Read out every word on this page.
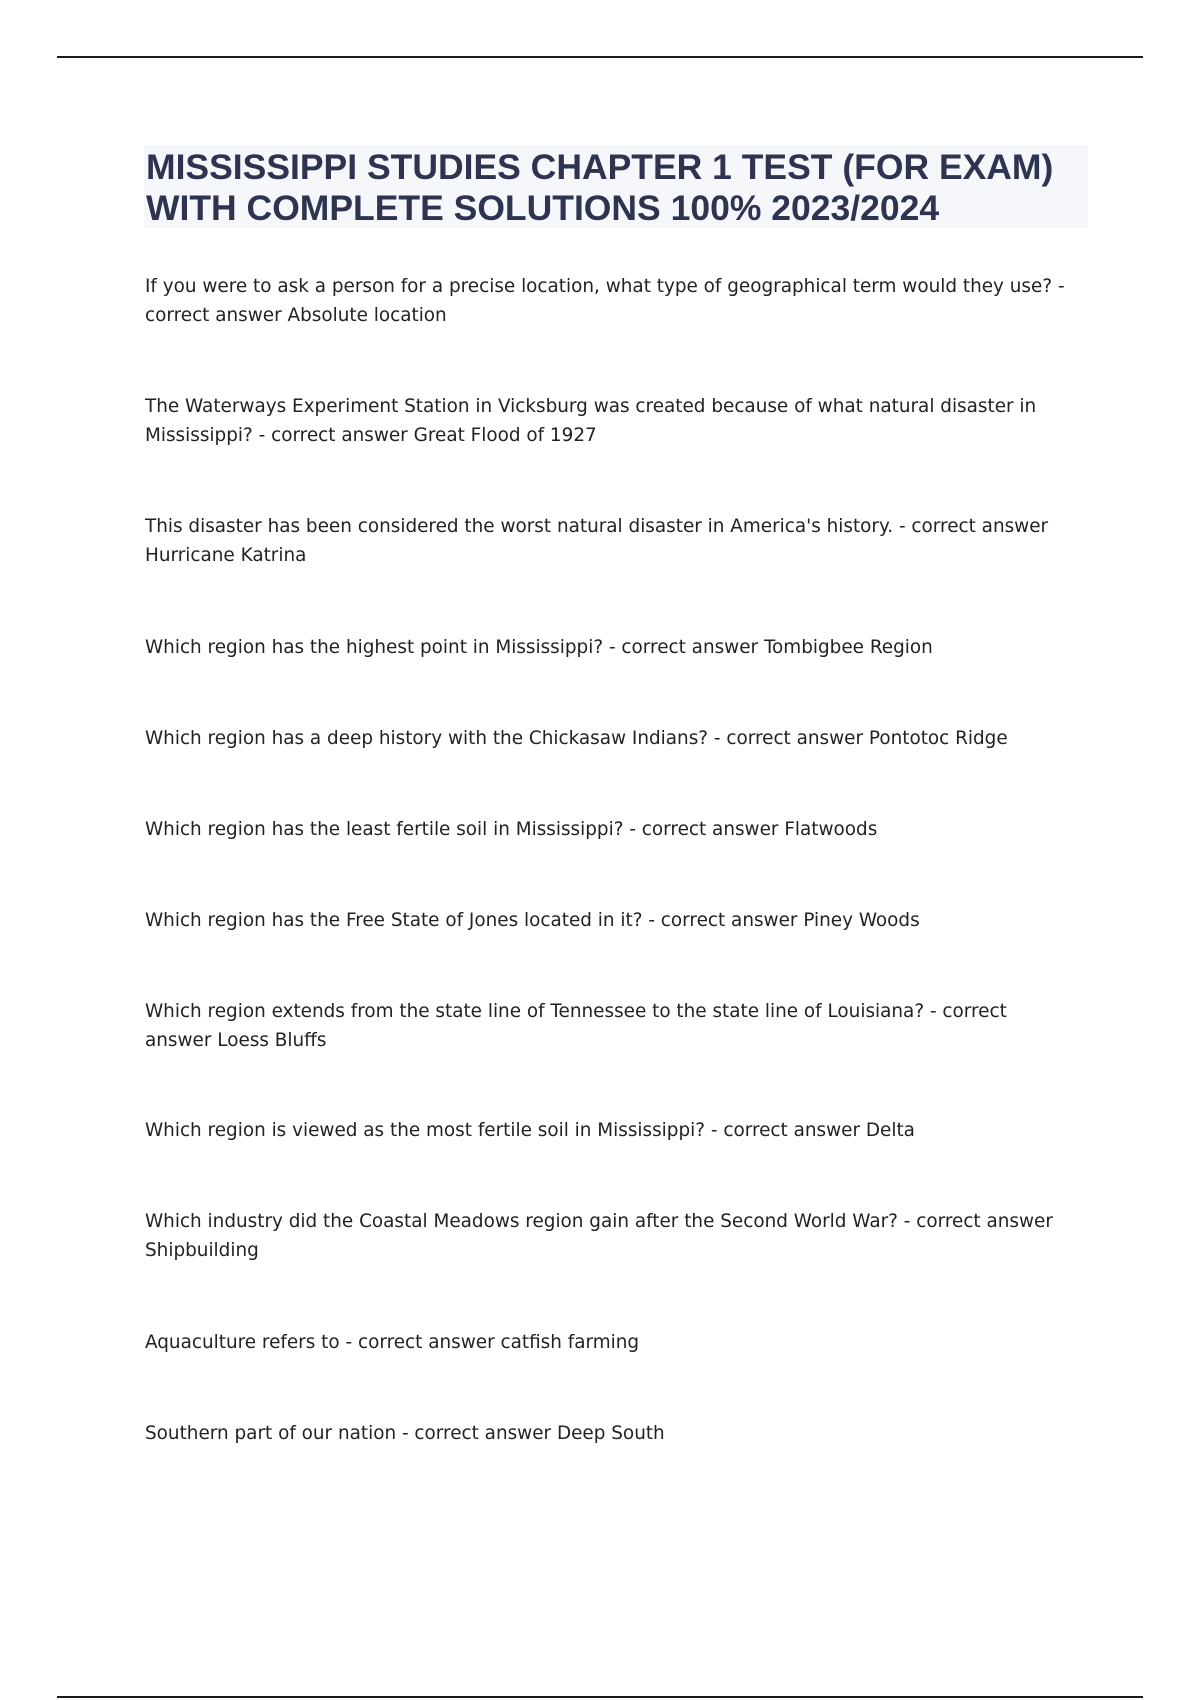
MISSISSIPPI STUDIES CHAPTER 1 TEST (FOR EXAM)
WITH COMPLETE SOLUTIONS 100% 2023/2024
If you were to ask a person for a precise location, what type of geographical term would they use? - correct answer Absolute location
The Waterways Experiment Station in Vicksburg was created because of what natural disaster in Mississippi? - correct answer Great Flood of 1927
This disaster has been considered the worst natural disaster in America's history. - correct answer Hurricane Katrina
Which region has the highest point in Mississippi? - correct answer Tombigbee Region
Which region has a deep history with the Chickasaw Indians? - correct answer Pontotoc Ridge
Which region has the least fertile soil in Mississippi? - correct answer Flatwoods
Which region has the Free State of Jones located in it? - correct answer Piney Woods
Which region extends from the state line of Tennessee to the state line of Louisiana? - correct answer Loess Bluffs
Which region is viewed as the most fertile soil in Mississippi? - correct answer Delta
Which industry did the Coastal Meadows region gain after the Second World War? - correct answer Shipbuilding
Aquaculture refers to - correct answer catfish farming
Southern part of our nation - correct answer Deep South
